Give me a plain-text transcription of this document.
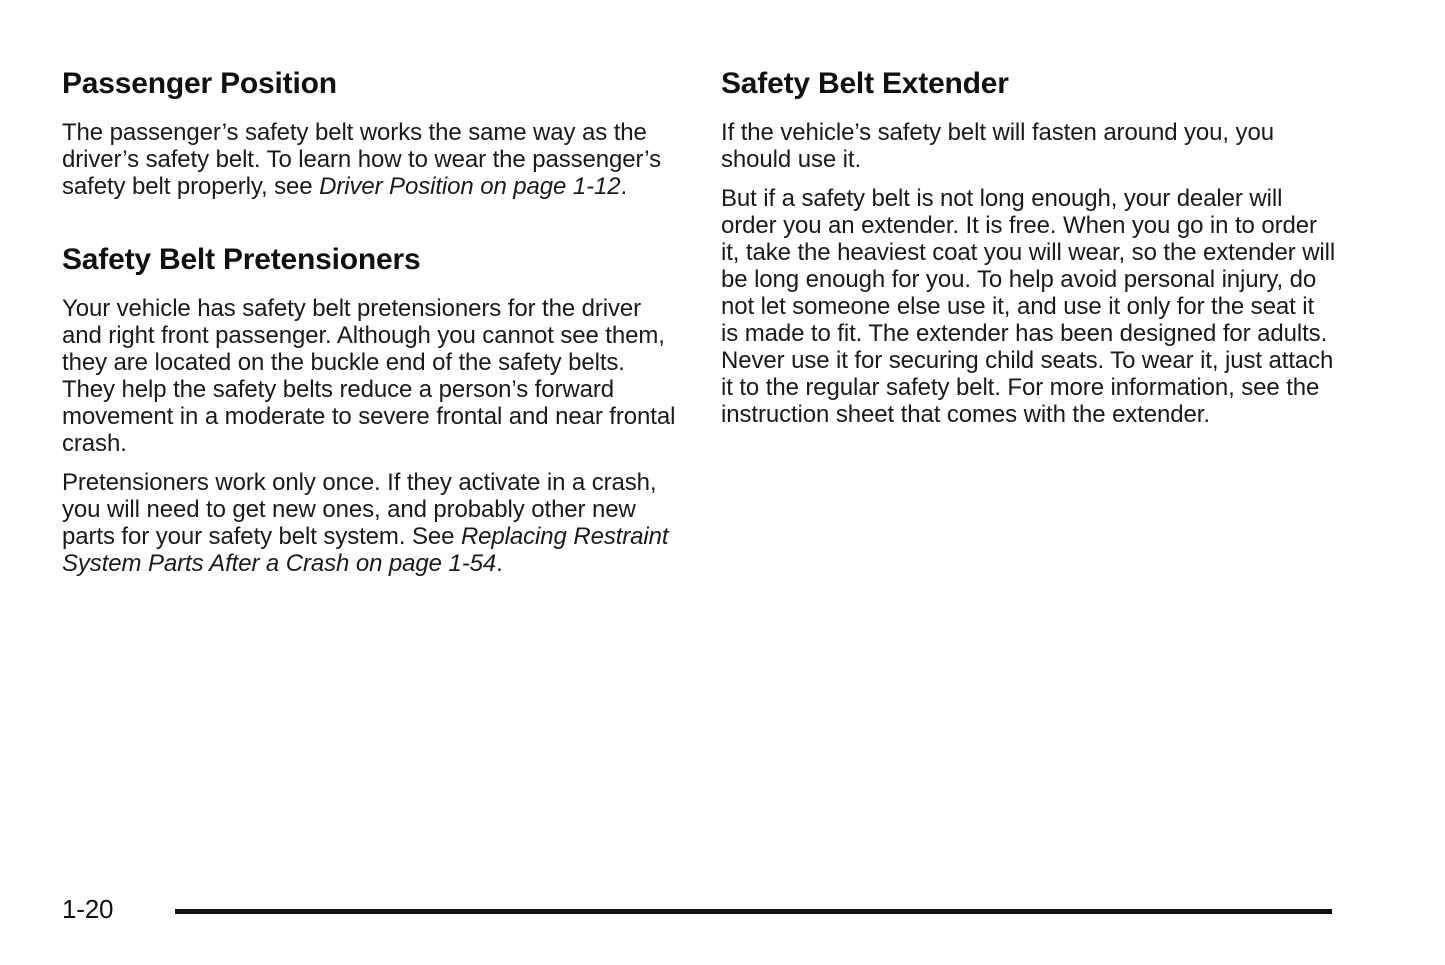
Passenger Position

The passenger’s safety belt works the same way as the driver’s safety belt. To learn how to wear the passenger’s safety belt properly, see Driver Position on page 1-12.

Safety Belt Pretensioners

Your vehicle has safety belt pretensioners for the driver and right front passenger. Although you cannot see them, they are located on the buckle end of the safety belts. They help the safety belts reduce a person’s forward movement in a moderate to severe frontal and near frontal crash.

Pretensioners work only once. If they activate in a crash, you will need to get new ones, and probably other new parts for your safety belt system. See Replacing Restraint System Parts After a Crash on page 1-54.

Safety Belt Extender

If the vehicle’s safety belt will fasten around you, you should use it.

But if a safety belt is not long enough, your dealer will order you an extender. It is free. When you go in to order it, take the heaviest coat you will wear, so the extender will be long enough for you. To help avoid personal injury, do not let someone else use it, and use it only for the seat it is made to fit. The extender has been designed for adults. Never use it for securing child seats. To wear it, just attach it to the regular safety belt. For more information, see the instruction sheet that comes with the extender.

1-20
